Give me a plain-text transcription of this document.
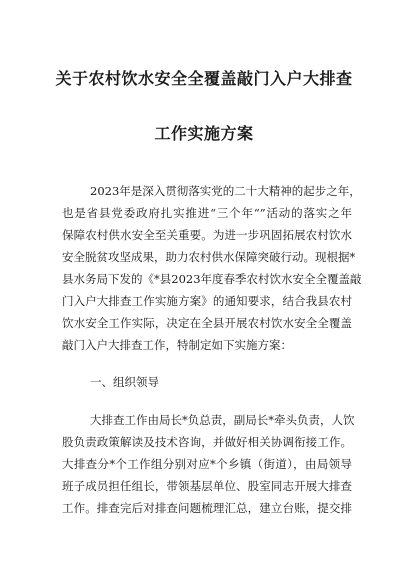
关于农村饮水安全全覆盖敲门入户大排查
工作实施方案
2023年是深入贯彻落实党的二十大精神的起步之年，
也是省县党委政府扎实推进“三个年“”活动的落实之年
保障农村供水安全至关重要。为进一步巩固拓展农村饮水
安全脱贫攻坚成果，助力农村供水保障突破行动。现根据*
县水务局下发的《*县2023年度春季农村饮水安全全覆盖敲
门入户大排查工作实施方案》的通知要求，结合我县农村
饮水安全工作实际，决定在全县开展农村饮水安全全覆盖
敲门入户大排查工作，特制定如下实施方案：
一、组织领导
大排查工作由局长*负总责，副局长*牵头负责，人饮
股负责政策解读及技术咨询，并做好相关协调衔接工作。
大排查分*个工作组分别对应*个乡镇（街道），由局领导
班子成员担任组长，带领基层单位、股室同志开展大排查
工作。排查完后对排查问题梳理汇总，建立台账，提交排
